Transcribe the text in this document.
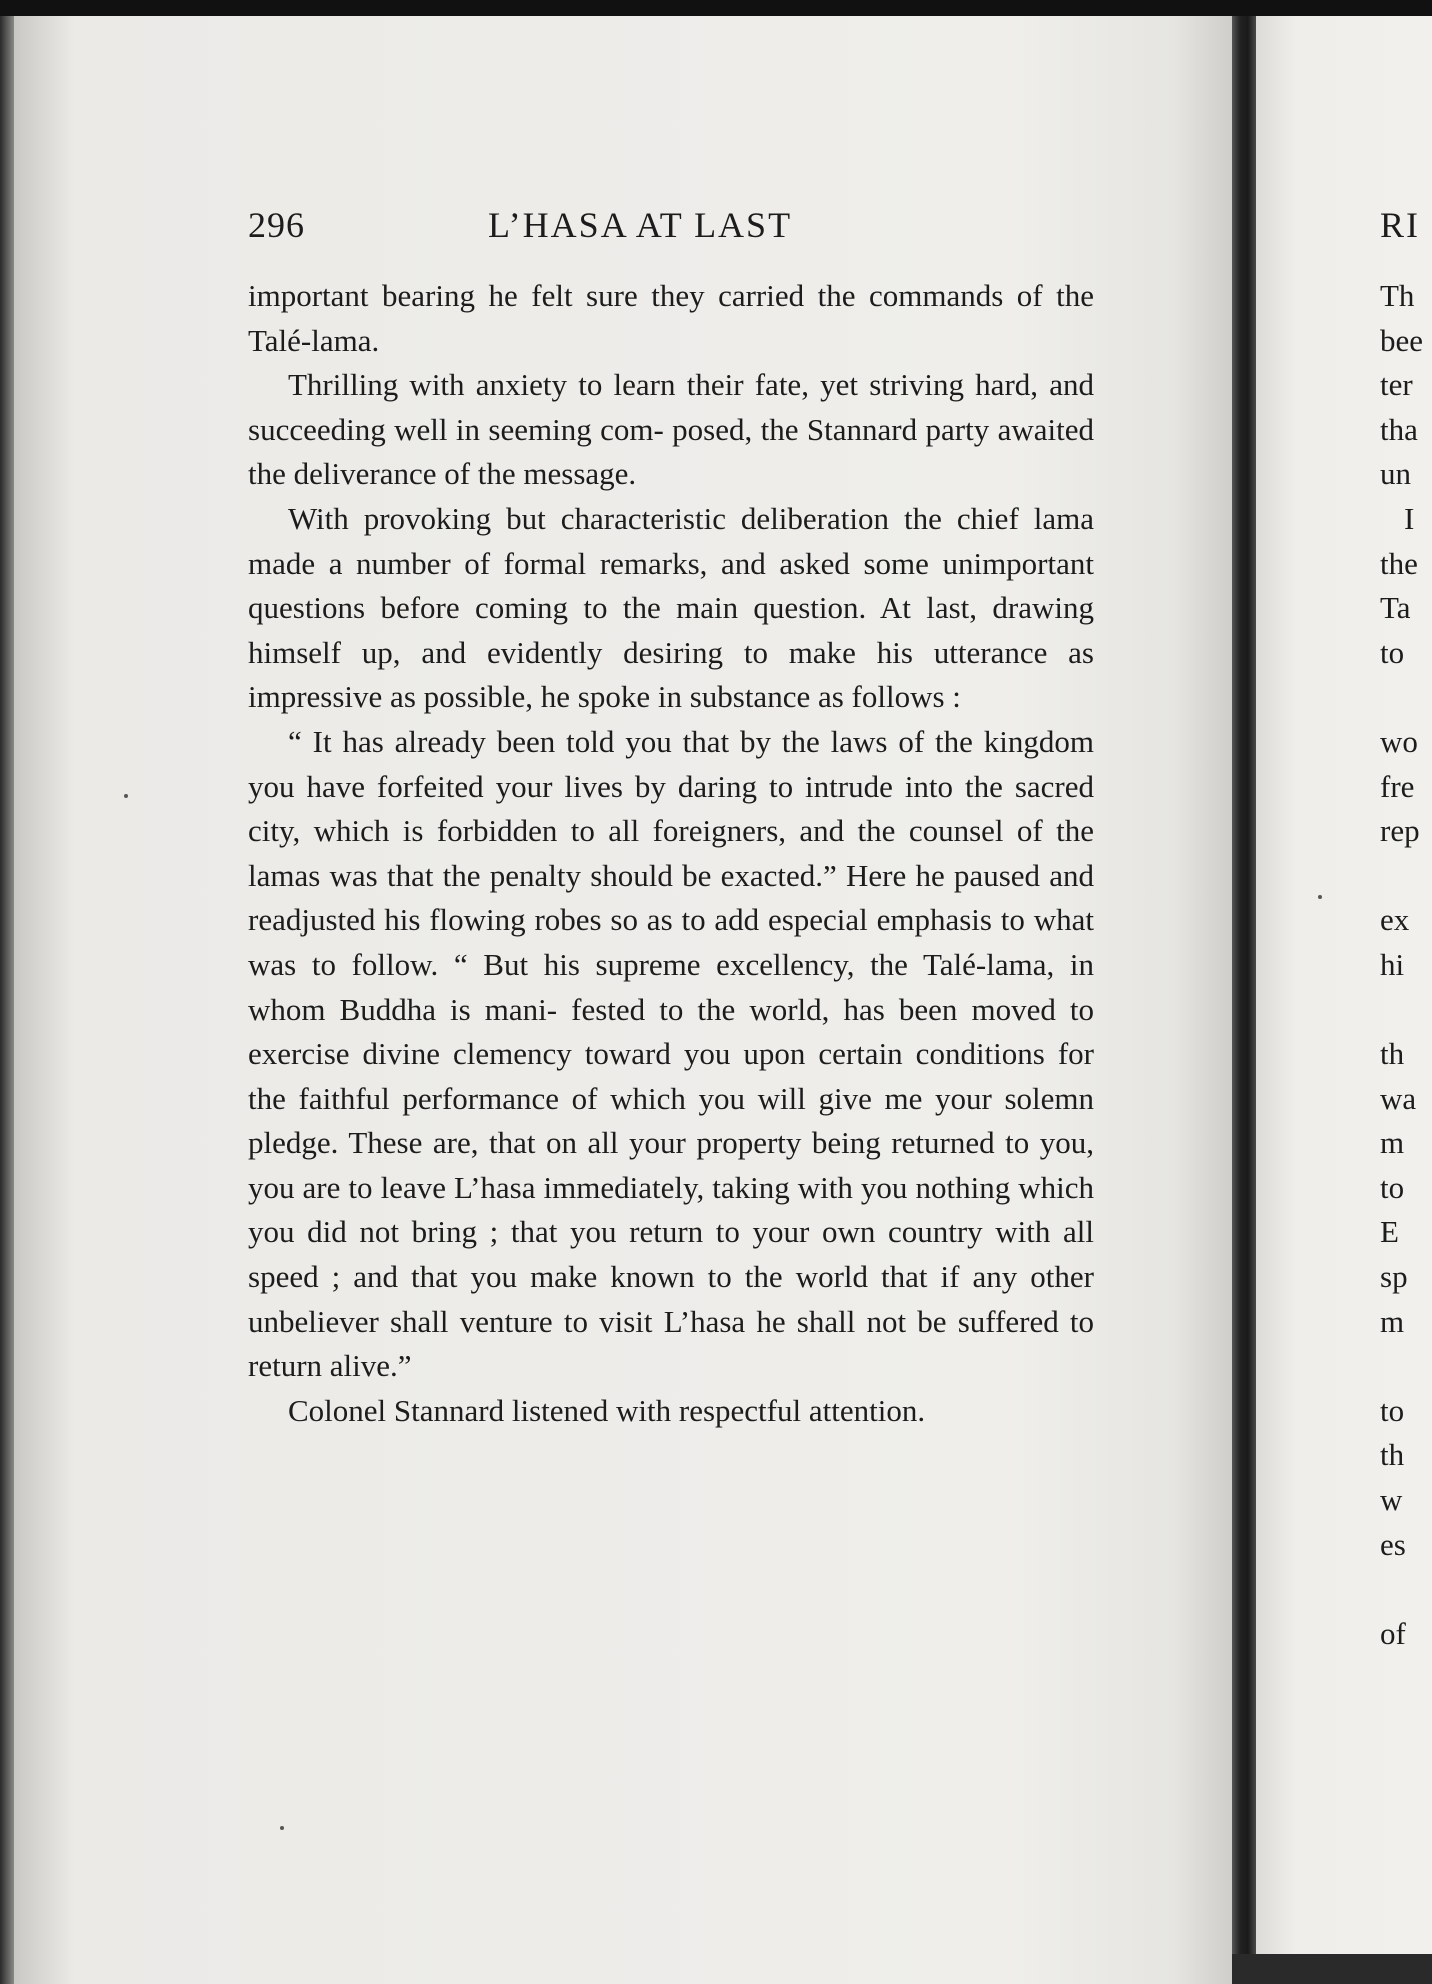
296	L’HASA AT LAST

important bearing he felt sure they carried the commands of the Talé-lama.

Thrilling with anxiety to learn their fate, yet striving hard, and succeeding well in seeming com- posed, the Stannard party awaited the deliverance of the message.

With provoking but characteristic deliberation the chief lama made a number of formal remarks, and asked some unimportant questions before coming to the main question. At last, drawing himself up, and evidently desiring to make his utterance as impressive as possible, he spoke in substance as follows :

“ It has already been told you that by the laws of the kingdom you have forfeited your lives by daring to intrude into the sacred city, which is forbidden to all foreigners, and the counsel of the lamas was that the penalty should be exacted.” Here he paused and readjusted his flowing robes so as to add especial emphasis to what was to follow. “ But his supreme excellency, the Talé-lama, in whom Buddha is mani- fested to the world, has been moved to exercise divine clemency toward you upon certain conditions for the faithful performance of which you will give me your solemn pledge. These are, that on all your property being returned to you, you are to leave L’hasa immediately, taking with you nothing which you did not bring ; that you return to your own country with all speed ; and that you make known to the world that if any other unbeliever shall venture to visit L’hasa he shall not be suffered to return alive.”

Colonel Stannard listened with respectful attention.

RI
Th
bee
ter
tha
un
I
the
Ta
to
wo
fre
rep
ex
hi
th
wa
m
to
E
sp
m
to
th
w
es
of
